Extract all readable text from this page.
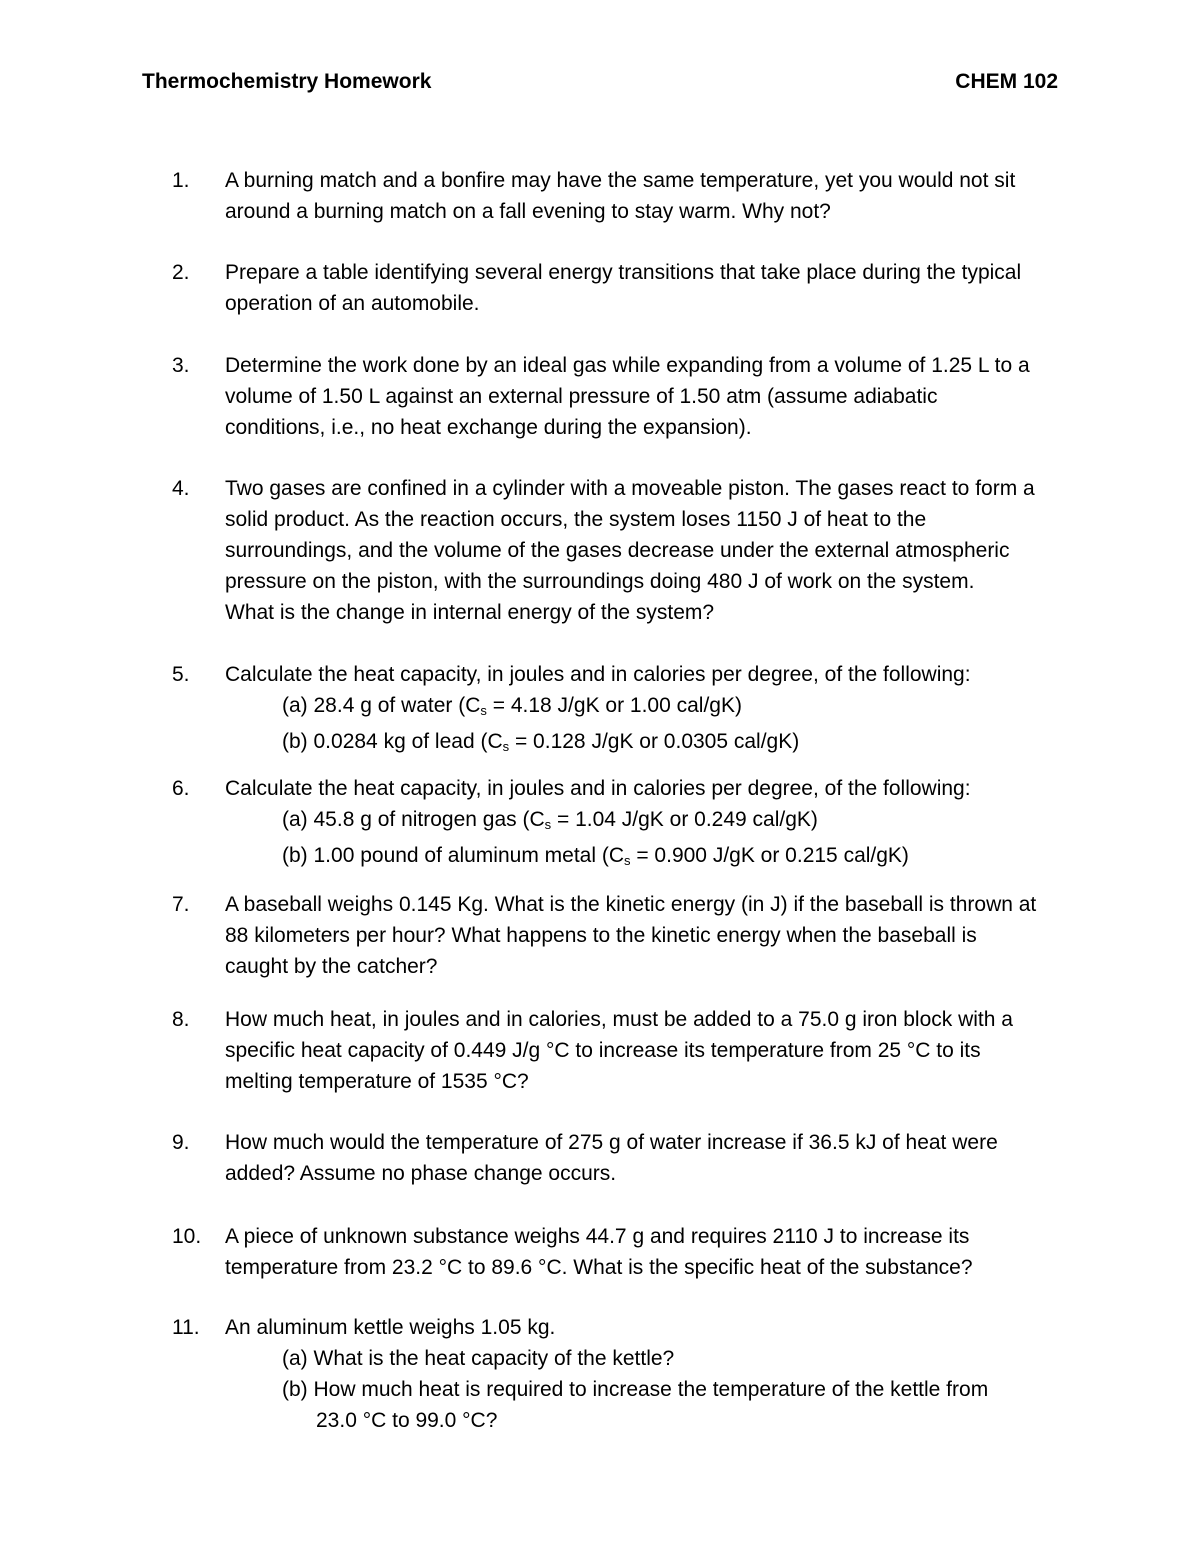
Thermochemistry Homework	CHEM 102
1. A burning match and a bonfire may have the same temperature, yet you would not sit
around a burning match on a fall evening to stay warm. Why not?
2. Prepare a table identifying several energy transitions that take place during the typical
operation of an automobile.
3. Determine the work done by an ideal gas while expanding from a volume of 1.25 L to a
volume of 1.50 L against an external pressure of 1.50 atm (assume adiabatic
conditions, i.e., no heat exchange during the expansion).
4. Two gases are confined in a cylinder with a moveable piston. The gases react to form a
solid product. As the reaction occurs, the system loses 1150 J of heat to the
surroundings, and the volume of the gases decrease under the external atmospheric
pressure on the piston, with the surroundings doing 480 J of work on the system.
What is the change in internal energy of the system?
5. Calculate the heat capacity, in joules and in calories per degree, of the following:
(a) 28.4 g of water ($C_s = 4.18$ J/gK or 1.00 cal/gK)
(b) 0.0284 kg of lead ($C_s = 0.128$ J/gK or 0.0305 cal/gK)
6. Calculate the heat capacity, in joules and in calories per degree, of the following:
(a) 45.8 g of nitrogen gas ($C_s = 1.04$ J/gK or 0.249 cal/gK)
(b) 1.00 pound of aluminum metal ($C_s = 0.900$ J/gK or 0.215 cal/gK)
7. A baseball weighs 0.145 Kg. What is the kinetic energy (in J) if the baseball is thrown at
88 kilometers per hour? What happens to the kinetic energy when the baseball is
caught by the catcher?
8. How much heat, in joules and in calories, must be added to a 75.0 g iron block with a
specific heat capacity of 0.449 J/g °C to increase its temperature from 25 °C to its
melting temperature of 1535 °C?
9. How much would the temperature of 275 g of water increase if 36.5 kJ of heat were
added? Assume no phase change occurs.
10. A piece of unknown substance weighs 44.7 g and requires 2110 J to increase its
temperature from 23.2 °C to 89.6 °C. What is the specific heat of the substance?
11. An aluminum kettle weighs 1.05 kg.
(a) What is the heat capacity of the kettle?
(b) How much heat is required to increase the temperature of the kettle from
23.0 °C to 99.0 °C?
